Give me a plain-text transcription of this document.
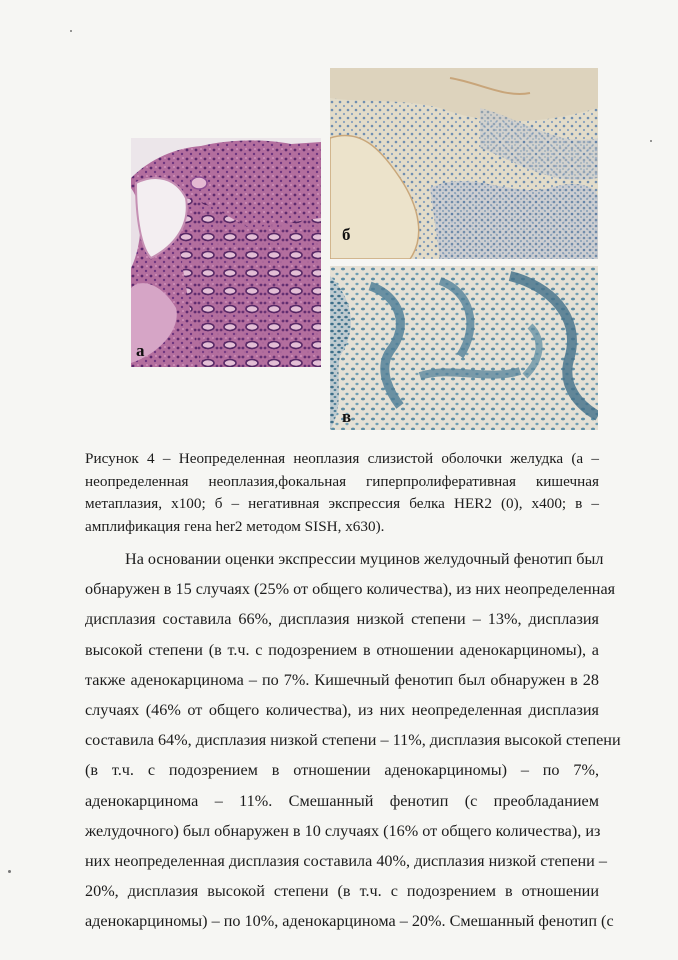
а
б
в
Рисунок 4 – Неопределенная неоплазия слизистой оболочки желудка (а –
неопределенная неоплазия,фокальная гиперпролиферативная кишечная
метаплазия, х100; б – негативная экспрессия белка HER2 (0), х400; в –
амплификация гена her2 методом SISH, х630).
На основании оценки экспрессии муцинов желудочный фенотип был
обнаружен в 15 случаях (25% от общего количества), из них неопределенная
дисплазия составила 66%, дисплазия низкой степени – 13%, дисплазия
высокой степени (в т.ч. с подозрением в отношении аденокарциномы), а
также аденокарцинома – по 7%. Кишечный фенотип был обнаружен в 28
случаях (46% от общего количества), из них неопределенная дисплазия
составила 64%, дисплазия низкой степени – 11%, дисплазия высокой степени
(в т.ч. с подозрением в отношении аденокарциномы) – по 7%,
аденокарцинома – 11%. Смешанный фенотип (с преобладанием
желудочного) был обнаружен в 10 случаях (16% от общего количества), из
них неопределенная дисплазия составила 40%, дисплазия низкой степени –
20%, дисплазия высокой степени (в т.ч. с подозрением в отношении
аденокарциномы) – по 10%, аденокарцинома – 20%. Смешанный фенотип (с
